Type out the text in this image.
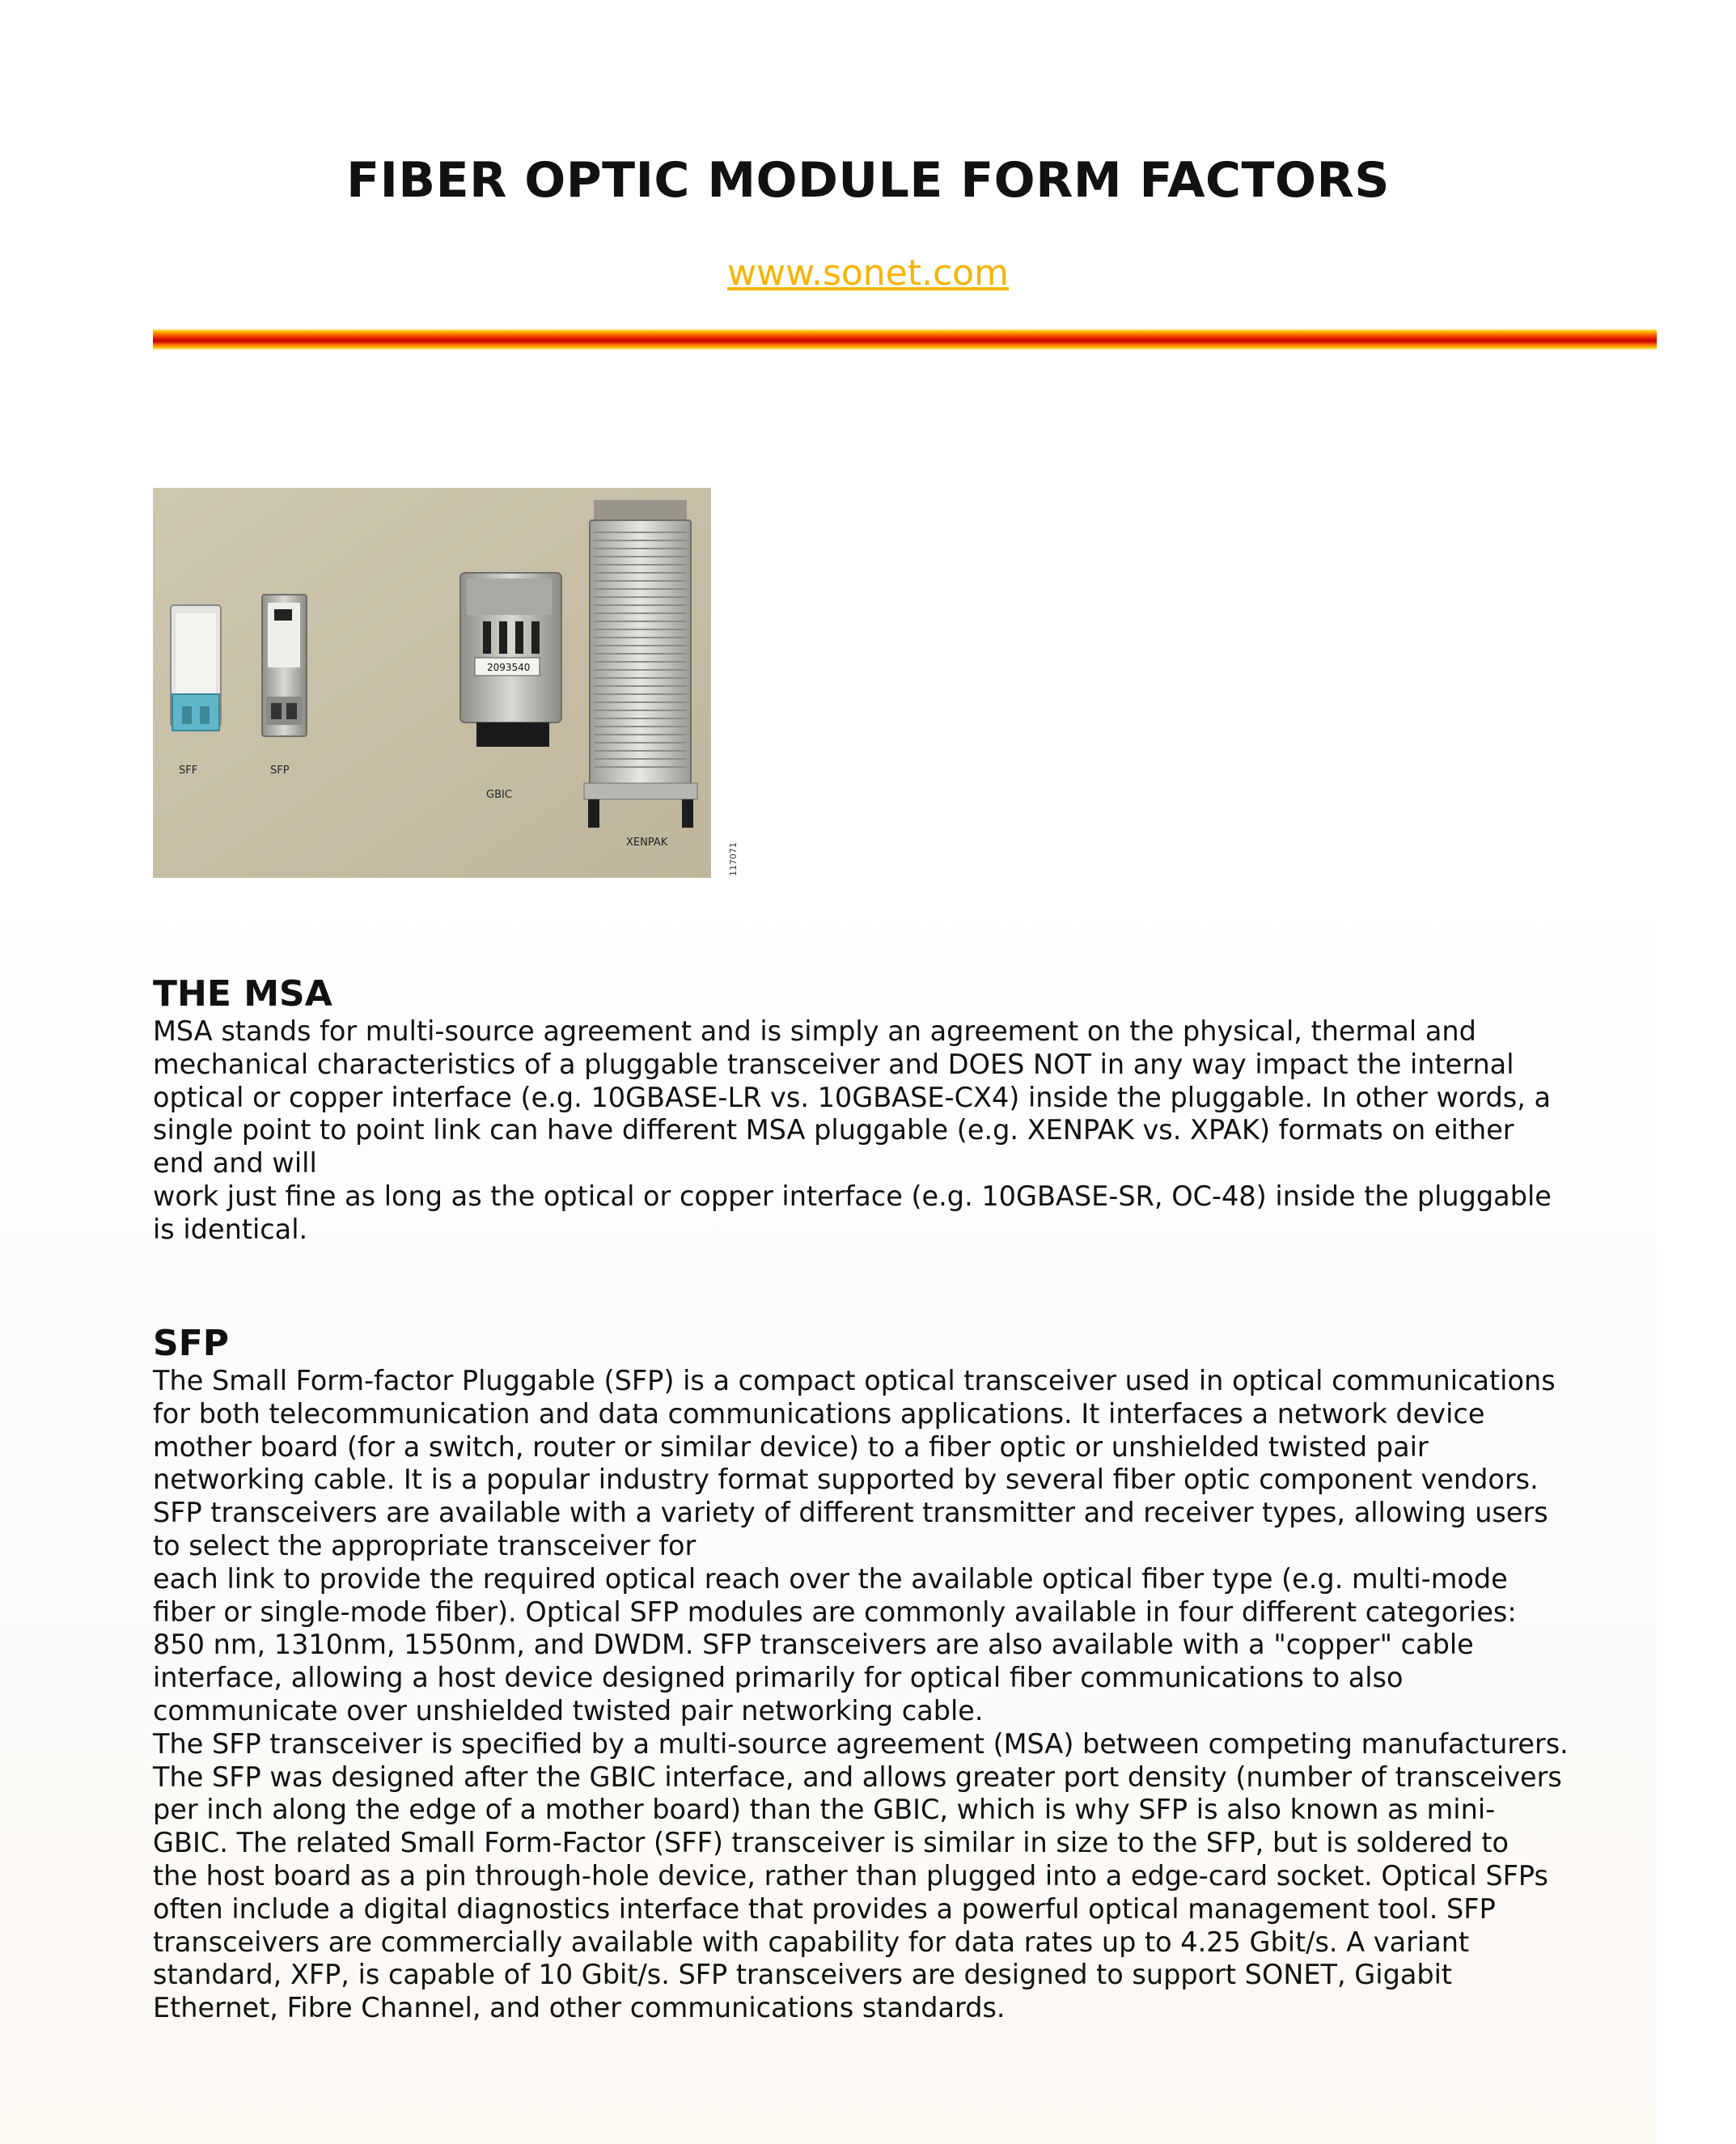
FIBER OPTIC MODULE FORM FACTORS
www.sonet.com
SFF	SFP
2093540
GBIC
XENPAK	117071
THE MSA

MSA stands for multi-source agreement and is simply an agreement on the physical, thermal and
mechanical characteristics of a pluggable transceiver and DOES NOT in any way impact the internal
optical or copper interface (e.g. 10GBASE-LR vs. 10GBASE-CX4) inside the pluggable. In other words, a
single point to point link can have different MSA pluggable (e.g. XENPAK vs. XPAK) formats on either
end and will
work just fine as long as the optical or copper interface (e.g. 10GBASE-SR, OC-48) inside the pluggable
is identical.

SFP

The Small Form-factor Pluggable (SFP) is a compact optical transceiver used in optical communications
for both telecommunication and data communications applications. It interfaces a network device
mother board (for a switch, router or similar device) to a fiber optic or unshielded twisted pair
networking cable. It is a popular industry format supported by several fiber optic component vendors.
SFP transceivers are available with a variety of different transmitter and receiver types, allowing users
to select the appropriate transceiver for
each link to provide the required optical reach over the available optical fiber type (e.g. multi-mode
fiber or single-mode fiber). Optical SFP modules are commonly available in four different categories:
850 nm, 1310nm, 1550nm, and DWDM. SFP transceivers are also available with a "copper" cable
interface, allowing a host device designed primarily for optical fiber communications to also
communicate over unshielded twisted pair networking cable.
The SFP transceiver is specified by a multi-source agreement (MSA) between competing manufacturers.
The SFP was designed after the GBIC interface, and allows greater port density (number of transceivers
per inch along the edge of a mother board) than the GBIC, which is why SFP is also known as mini-
GBIC. The related Small Form-Factor (SFF) transceiver is similar in size to the SFP, but is soldered to
the host board as a pin through-hole device, rather than plugged into a edge-card socket. Optical SFPs
often include a digital diagnostics interface that provides a powerful optical management tool. SFP
transceivers are commercially available with capability for data rates up to 4.25 Gbit/s. A variant
standard, XFP, is capable of 10 Gbit/s. SFP transceivers are designed to support SONET, Gigabit
Ethernet, Fibre Channel, and other communications standards.
